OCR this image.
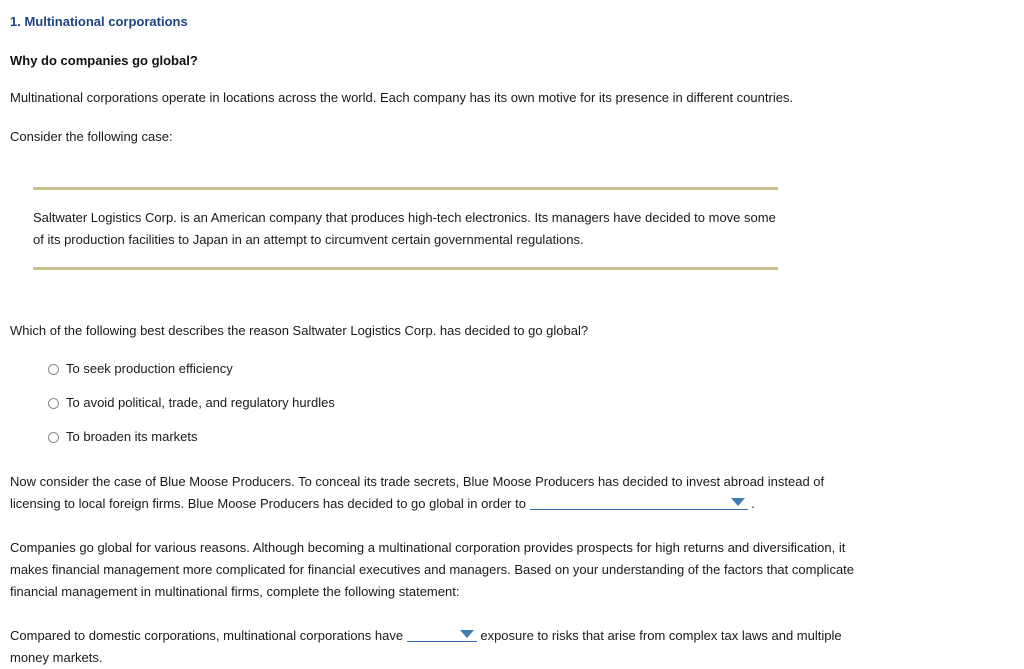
1. Multinational corporations
Why do companies go global?

Multinational corporations operate in locations across the world. Each company has its own motive for its presence in different countries.

Consider the following case:

Saltwater Logistics Corp. is an American company that produces high-tech electronics. Its managers have decided to move some of its production facilities to Japan in an attempt to circumvent certain governmental regulations.

Which of the following best describes the reason Saltwater Logistics Corp. has decided to go global?

To seek production efficiency
To avoid political, trade, and regulatory hurdles
To broaden its markets

Now consider the case of Blue Moose Producers. To conceal its trade secrets, Blue Moose Producers has decided to invest abroad instead of licensing to local foreign firms. Blue Moose Producers has decided to go global in order to	.

Companies go global for various reasons. Although becoming a multinational corporation provides prospects for high returns and diversification, it makes financial management more complicated for financial executives and managers. Based on your understanding of the factors that complicate financial management in multinational firms, complete the following statement:

Compared to domestic corporations, multinational corporations have	exposure to risks that arise from complex tax laws and multiple money markets.
